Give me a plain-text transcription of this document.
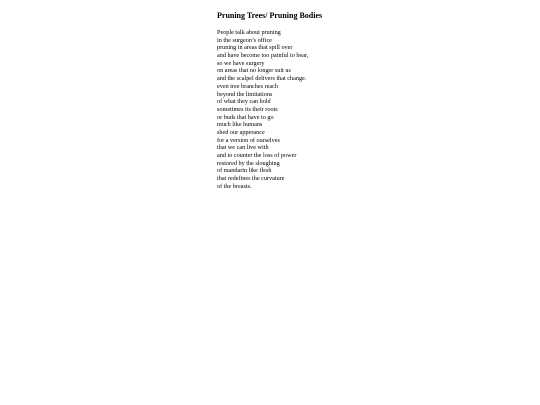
Pruning Trees/ Pruning Bodies
People talk about pruning
in the surgeon’s office
pruning in areas that spill over
and have become too painful to bear,
so we have surgery
on areas that no longer suit us
and the scalpel delivers that change.
even tree branches reach
beyond the limitations
of what they can hold
sometimes its their roots
or buds that have to go
much like humans
shed our apperance
for a version of ourselves
that we can live with
and to counter the loss of power
restored by the sloughing
of mandarin like flesh
that redefines the curvature
of the breasts.
